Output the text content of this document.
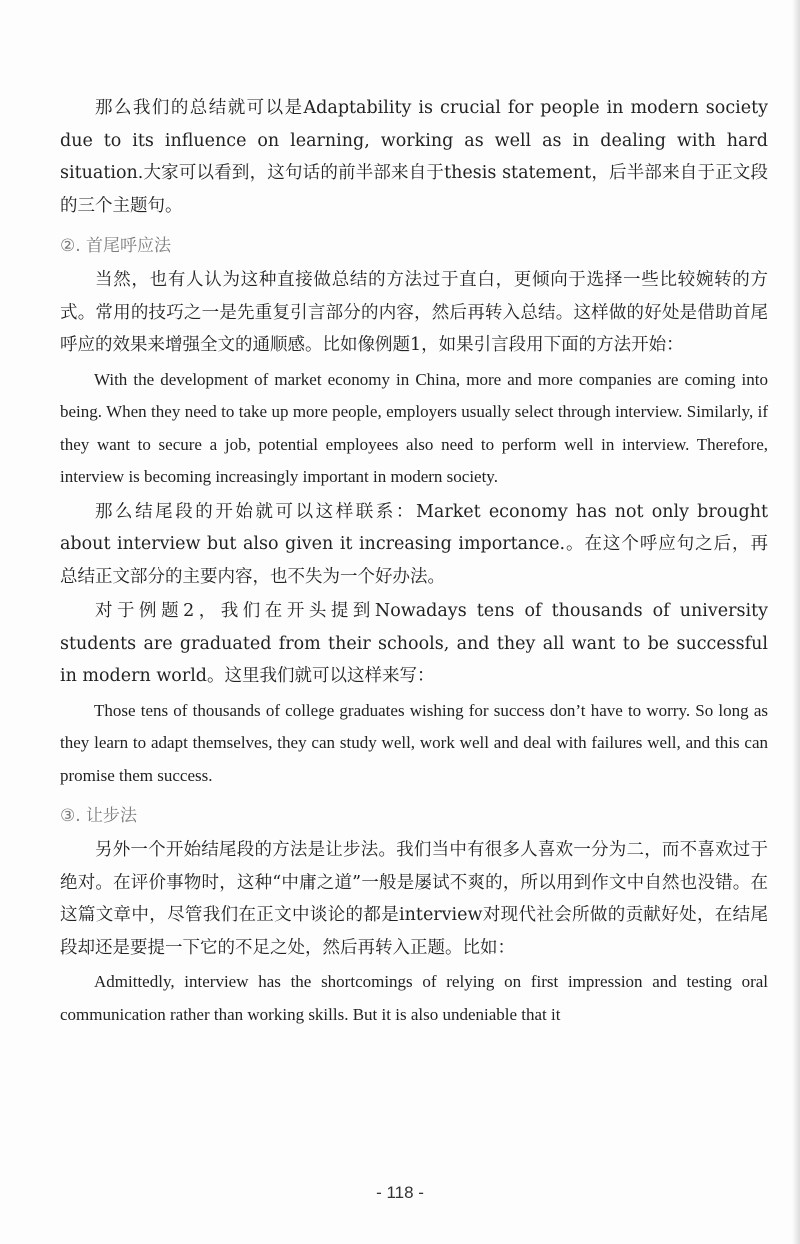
那么我们的总结就可以是Adaptability is crucial for people in modern society due to its influence on learning, working as well as in dealing with hard situation.大家可以看到，这句话的前半部来自于thesis statement，后半部来自于正文段的三个主题句。

②. 首尾呼应法

当然，也有人认为这种直接做总结的方法过于直白，更倾向于选择一些比较婉转的方式。常用的技巧之一是先重复引言部分的内容，然后再转入总结。这样做的好处是借助首尾呼应的效果来增强全文的通顺感。比如像例题1，如果引言段用下面的方法开始：

With the development of market economy in China, more and more companies are coming into being. When they need to take up more people, employers usually select through interview. Similarly, if they want to secure a job, potential employees also need to perform well in interview. Therefore, interview is becoming increasingly important in modern society.

那么结尾段的开始就可以这样联系：Market economy has not only brought about interview but also given it increasing importance.。在这个呼应句之后，再总结正文部分的主要内容，也不失为一个好办法。

对于例题2，我们在开头提到Nowadays tens of thousands of university students are graduated from their schools, and they all want to be successful in modern world。这里我们就可以这样来写：

Those tens of thousands of college graduates wishing for success don’t have to worry. So long as they learn to adapt themselves, they can study well, work well and deal with failures well, and this can promise them success.

③. 让步法

另外一个开始结尾段的方法是让步法。我们当中有很多人喜欢一分为二，而不喜欢过于绝对。在评价事物时，这种“中庸之道”一般是屡试不爽的，所以用到作文中自然也没错。在这篇文章中，尽管我们在正文中谈论的都是interview对现代社会所做的贡献好处，在结尾段却还是要提一下它的不足之处，然后再转入正题。比如：

Admittedly, interview has the shortcomings of relying on first impression and testing oral communication rather than working skills. But it is also undeniable that it

- 118 -
